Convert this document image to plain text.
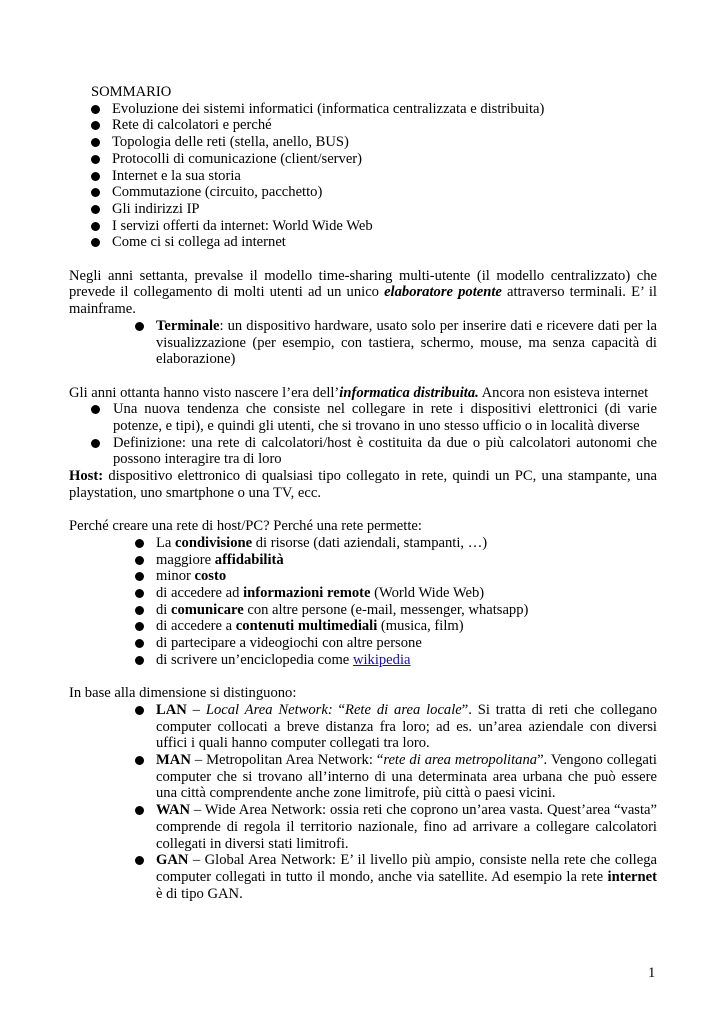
SOMMARIO

Evoluzione dei sistemi informatici (informatica centralizzata e distribuita)
Rete di calcolatori e perché
Topologia delle reti (stella, anello, BUS)
Protocolli di comunicazione (client/server)
Internet e la sua storia
Commutazione (circuito, pacchetto)
Gli indirizzi IP
I servizi offerti da internet: World Wide Web
Come ci si collega ad internet

Negli anni settanta, prevalse il modello time-sharing multi-utente (il modello centralizzato) che prevede il collegamento di molti utenti ad un unico elaboratore potente attraverso terminali. E’ il mainframe.

Terminale: un dispositivo hardware, usato solo per inserire dati e ricevere dati per la visualizzazione (per esempio, con tastiera, schermo, mouse, ma senza capacità di elaborazione)

Gli anni ottanta hanno visto nascere l’era dell’informatica distribuita. Ancora non esisteva internet

Una nuova tendenza che consiste nel collegare in rete i dispositivi elettronici (di varie potenze, e tipi), e quindi gli utenti, che si trovano in uno stesso ufficio o in località diverse
Definizione: una rete di calcolatori/host è costituita da due o più calcolatori autonomi che possono interagire tra di loro

Host: dispositivo elettronico di qualsiasi tipo collegato in rete, quindi un PC, una stampante, una playstation, uno smartphone o una TV, ecc.

Perché creare una rete di host/PC? Perché una rete permette:

La condivisione di risorse (dati aziendali, stampanti, …)
maggiore affidabilità
minor costo
di accedere ad informazioni remote (World Wide Web)
di comunicare con altre persone (e-mail, messenger, whatsapp)
di accedere a contenuti multimediali (musica, film)
di partecipare a videogiochi con altre persone
di scrivere un’enciclopedia come wikipedia

In base alla dimensione si distinguono:

LAN – Local Area Network: “Rete di area locale”. Si tratta di reti che collegano computer collocati a breve distanza fra loro; ad es. un’area aziendale con diversi uffici i quali hanno computer collegati tra loro.
MAN – Metropolitan Area Network: “rete di area metropolitana”. Vengono collegati computer che si trovano all’interno di una determinata area urbana che può essere una città comprendente anche zone limitrofe, più città o paesi vicini.
WAN – Wide Area Network: ossia reti che coprono un’area vasta. Quest’area “vasta” comprende di regola il territorio nazionale, fino ad arrivare a collegare calcolatori collegati in diversi stati limitrofi.
GAN – Global Area Network: E’ il livello più ampio, consiste nella rete che collega computer collegati in tutto il mondo, anche via satellite. Ad esempio la rete internet è di tipo GAN.
1
